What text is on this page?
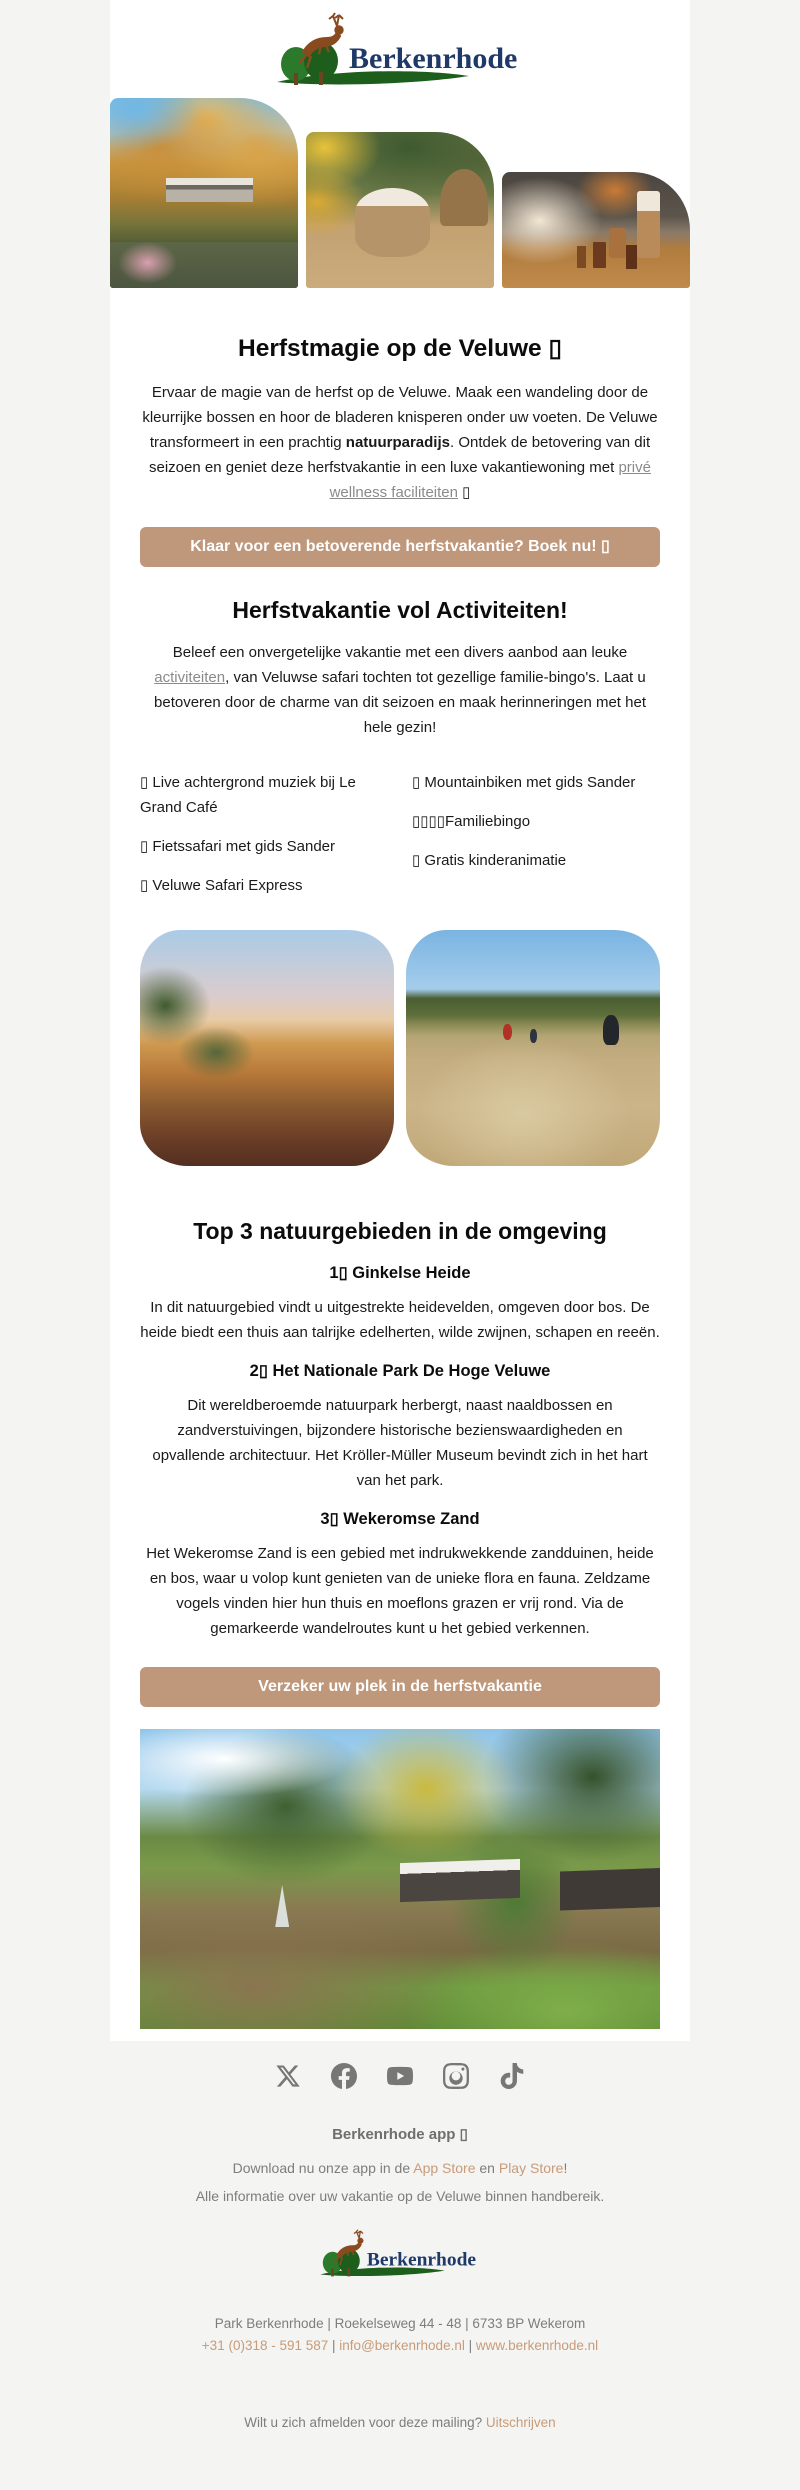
Berkenrhode
Herfstmagie op de Veluwe ▯

Ervaar de magie van de herfst op de Veluwe. Maak een wandeling door de kleurrijke bossen en hoor de bladeren knisperen onder uw voeten. De Veluwe transformeert in een prachtig natuurparadijs. Ontdek de betovering van dit seizoen en geniet deze herfstvakantie in een luxe vakantiewoning met privé wellness faciliteiten ▯

Klaar voor een betoverende herfstvakantie? Boek nu! ▯
Herfstvakantie vol Activiteiten!

Beleef een onvergetelijke vakantie met een divers aanbod aan leuke activiteiten, van Veluwse safari tochten tot gezellige familie-bingo's. Laat u betoveren door de charme van dit seizoen en maak herinneringen met het hele gezin!

▯ Live achtergrond muziek bij Le Grand Café
▯ Fietssafari met gids Sander
▯ Veluwe Safari Express
▯ Mountainbiken met gids Sander
▯▯▯▯Familiebingo
▯ Gratis kinderanimatie
Top 3 natuurgebieden in de omgeving
1▯ Ginkelse Heide

In dit natuurgebied vindt u uitgestrekte heidevelden, omgeven door bos. De heide biedt een thuis aan talrijke edelherten, wilde zwijnen, schapen en reeën.

2▯ Het Nationale Park De Hoge Veluwe

Dit wereldberoemde natuurpark herbergt, naast naaldbossen en zandverstuivingen, bijzondere historische bezienswaardigheden en opvallende architectuur. Het Kröller-Müller Museum bevindt zich in het hart van het park.

3▯ Wekeromse Zand

Het Wekeromse Zand is een gebied met indrukwekkende zandduinen, heide en bos, waar u volop kunt genieten van de unieke flora en fauna. Zeldzame vogels vinden hier hun thuis en moeflons grazen er vrij rond. Via de gemarkeerde wandelroutes kunt u het gebied verkennen.

Verzeker uw plek in de herfstvakantie
Berkenrhode app ▯
Download nu onze app in de App Store en Play Store!
Alle informatie over uw vakantie op de Veluwe binnen handbereik.
Berkenrhode
Park Berkenrhode | Roekelseweg 44 - 48 | 6733 BP Wekerom
+31 (0)318 - 591 587 | info@berkenrhode.nl | www.berkenrhode.nl
Wilt u zich afmelden voor deze mailing? Uitschrijven
